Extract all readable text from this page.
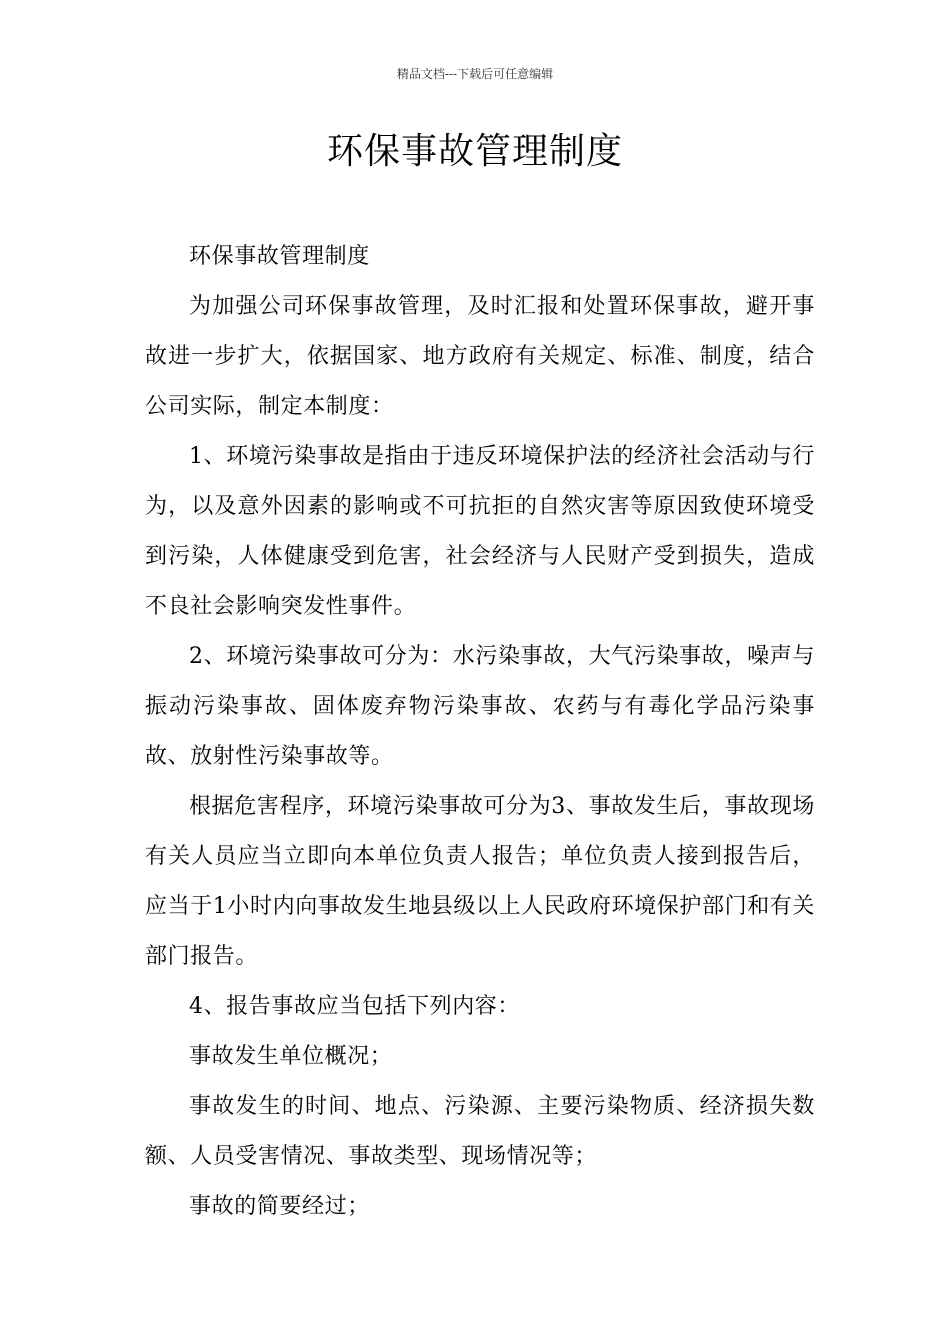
精品文档---下载后可任意编辑
环保事故管理制度

环保事故管理制度

为加强公司环保事故管理，及时汇报和处置环保事故，避开事故进一步扩大，依据国家、地方政府有关规定、标准、制度，结合公司实际，制定本制度：

1、环境污染事故是指由于违反环境保护法的经济社会活动与行为，以及意外因素的影响或不可抗拒的自然灾害等原因致使环境受到污染，人体健康受到危害，社会经济与人民财产受到损失，造成不良社会影响突发性事件。

2、环境污染事故可分为：水污染事故，大气污染事故，噪声与振动污染事故、固体废弃物污染事故、农药与有毒化学品污染事故、放射性污染事故等。

根据危害程序，环境污染事故可分为3、事故发生后，事故现场有关人员应当立即向本单位负责人报告；单位负责人接到报告后，应当于1小时内向事故发生地县级以上人民政府环境保护部门和有关部门报告。

4、报告事故应当包括下列内容：

事故发生单位概况；

事故发生的时间、地点、污染源、主要污染物质、经济损失数额、人员受害情况、事故类型、现场情况等；

事故的简要经过；
